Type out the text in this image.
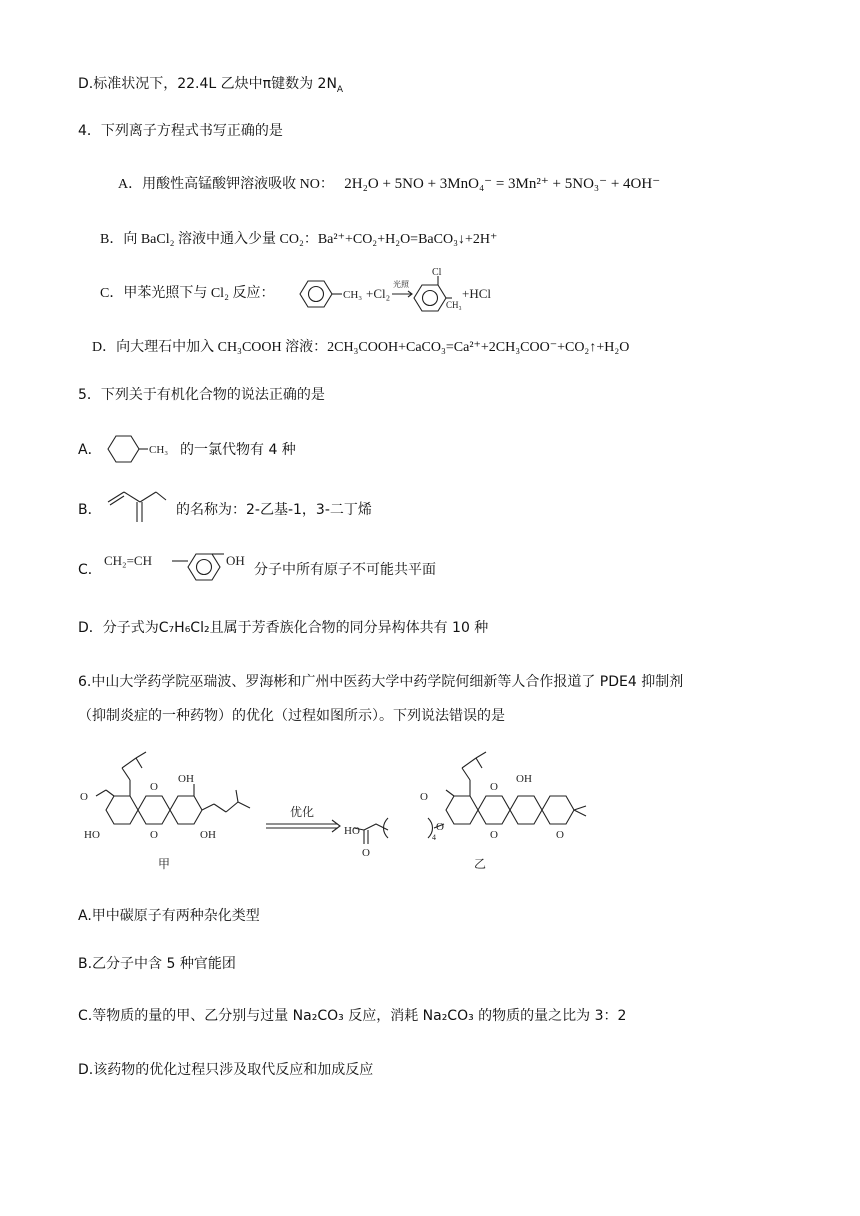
D.标准状况下，22.4L 乙炔中π键数为 $2N_A$
4．下列离子方程式书写正确的是
A．用酸性高锰酸钾溶液吸收 NO： 2H₂O + 5NO + 3MnO₄⁻ = 3Mn²⁺ + 5NO₃⁻ + 4OH⁻
B．向 BaCl₂ 溶液中通入少量 CO₂：Ba²⁺+CO₂+H₂O=BaCO₃↓+2H⁺
C．甲苯光照下与 Cl₂ 反应：	CH₃ +Cl₂
光照
Cl
CH₃
+HCl
D．向大理石中加入 CH₃COOH 溶液：2CH₃COOH+CaCO₃=Ca²⁺+2CH₃COO⁻+CO₂↑+H₂O
5．下列关于有机化合物的说法正确的是
A．	CH₃ 的一氯代物有 4 种
B．	的名称为：2-乙基-1，3-二丁烯
C．
CH₂=CH	OH
分子中所有原子不可能共平面
D．分子式为C₇H₆Cl₂且属于芳香族化合物的同分异构体共有 10 种
6.中山大学药学院巫瑞波、罗海彬和广州中医药大学中药学院何细新等人合作报道了 PDE4 抑制剂
（抑制炎症的一种药物）的优化（过程如图所示）。下列说法错误的是
O
OH
O
HO	O	OH
甲
优化
O
OH
O
O	O
HO
O
4
O
乙
A.甲中碳原子有两种杂化类型
B.乙分子中含 5 种官能团
C.等物质的量的甲、乙分别与过量 Na₂CO₃ 反应，消耗 Na₂CO₃ 的物质的量之比为 3：2
D.该药物的优化过程只涉及取代反应和加成反应
